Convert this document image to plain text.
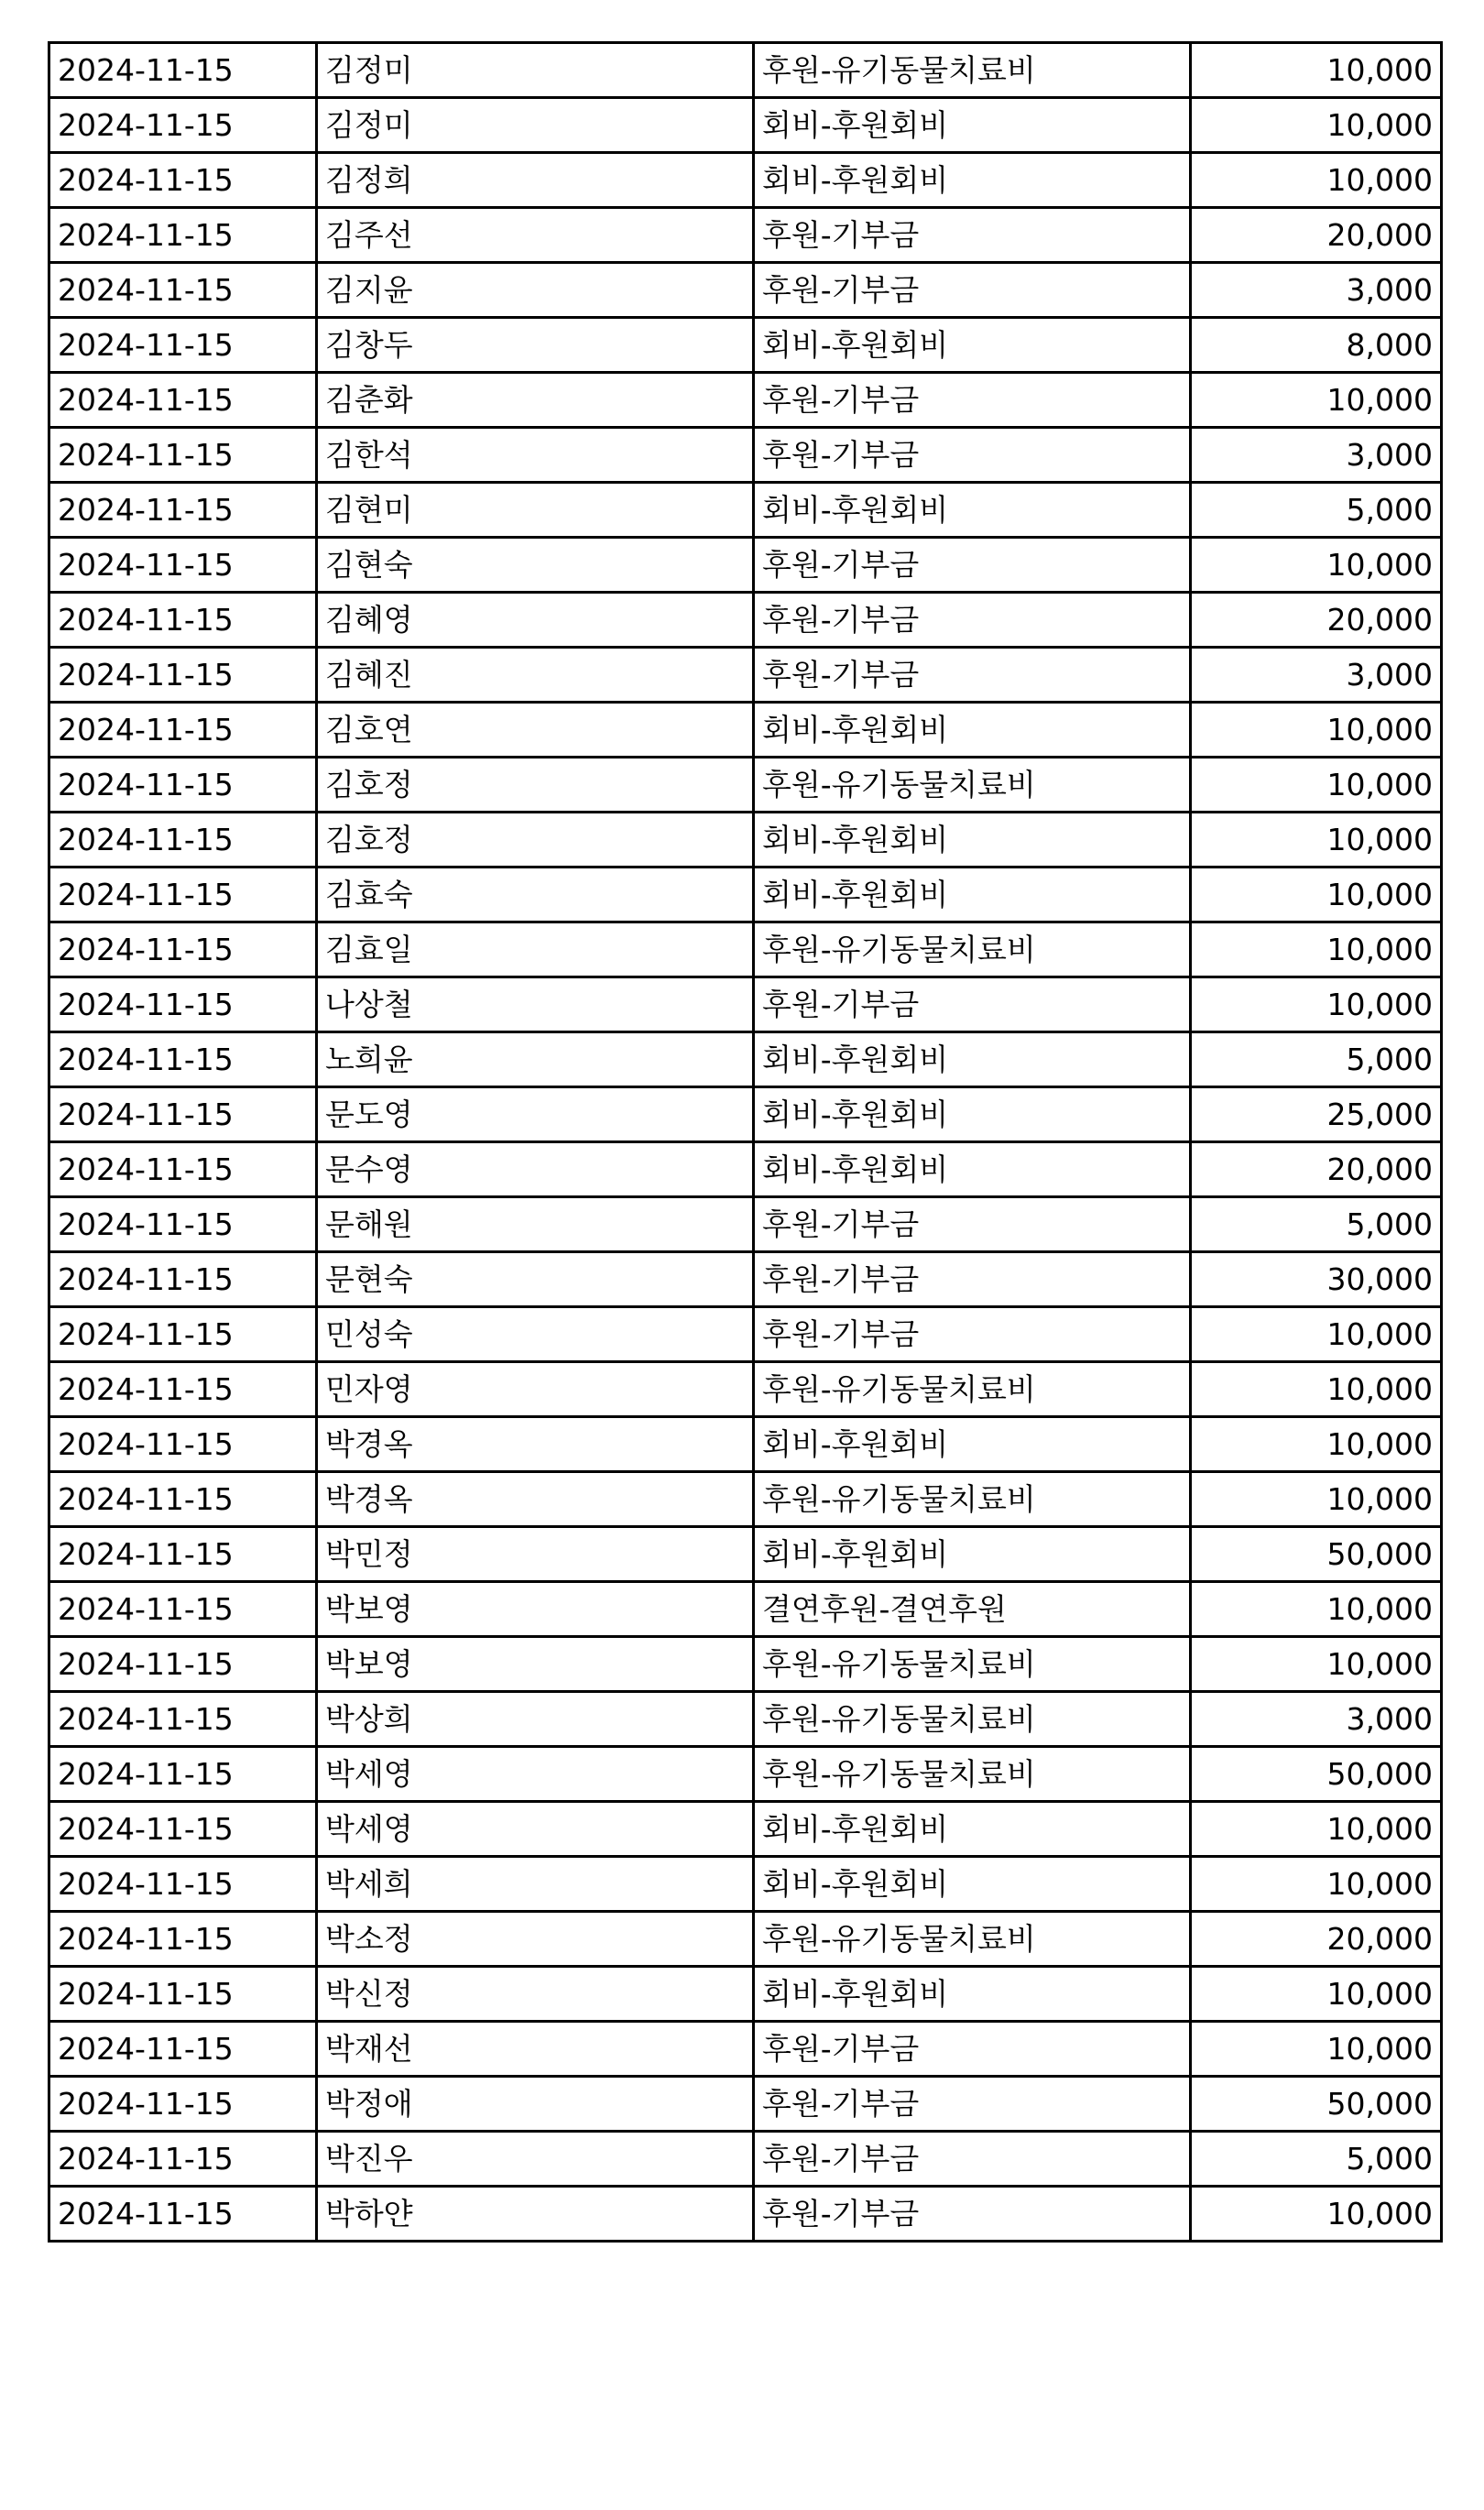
2024-11-15	김정미	후원-유기동물치료비	10,000
2024-11-15	김정미	회비-후원회비	10,000
2024-11-15	김정희	회비-후원회비	10,000
2024-11-15	김주선	후원-기부금	20,000
2024-11-15	김지윤	후원-기부금	3,000
2024-11-15	김창두	회비-후원회비	8,000
2024-11-15	김춘화	후원-기부금	10,000
2024-11-15	김한석	후원-기부금	3,000
2024-11-15	김현미	회비-후원회비	5,000
2024-11-15	김현숙	후원-기부금	10,000
2024-11-15	김혜영	후원-기부금	20,000
2024-11-15	김혜진	후원-기부금	3,000
2024-11-15	김호연	회비-후원회비	10,000
2024-11-15	김호정	후원-유기동물치료비	10,000
2024-11-15	김호정	회비-후원회비	10,000
2024-11-15	김효숙	회비-후원회비	10,000
2024-11-15	김효일	후원-유기동물치료비	10,000
2024-11-15	나상철	후원-기부금	10,000
2024-11-15	노희윤	회비-후원회비	5,000
2024-11-15	문도영	회비-후원회비	25,000
2024-11-15	문수영	회비-후원회비	20,000
2024-11-15	문해원	후원-기부금	5,000
2024-11-15	문현숙	후원-기부금	30,000
2024-11-15	민성숙	후원-기부금	10,000
2024-11-15	민자영	후원-유기동물치료비	10,000
2024-11-15	박경옥	회비-후원회비	10,000
2024-11-15	박경옥	후원-유기동물치료비	10,000
2024-11-15	박민정	회비-후원회비	50,000
2024-11-15	박보영	결연후원-결연후원	10,000
2024-11-15	박보영	후원-유기동물치료비	10,000
2024-11-15	박상희	후원-유기동물치료비	3,000
2024-11-15	박세영	후원-유기동물치료비	50,000
2024-11-15	박세영	회비-후원회비	10,000
2024-11-15	박세희	회비-후원회비	10,000
2024-11-15	박소정	후원-유기동물치료비	20,000
2024-11-15	박신정	회비-후원회비	10,000
2024-11-15	박재선	후원-기부금	10,000
2024-11-15	박정애	후원-기부금	50,000
2024-11-15	박진우	후원-기부금	5,000
2024-11-15	박하얀	후원-기부금	10,000
